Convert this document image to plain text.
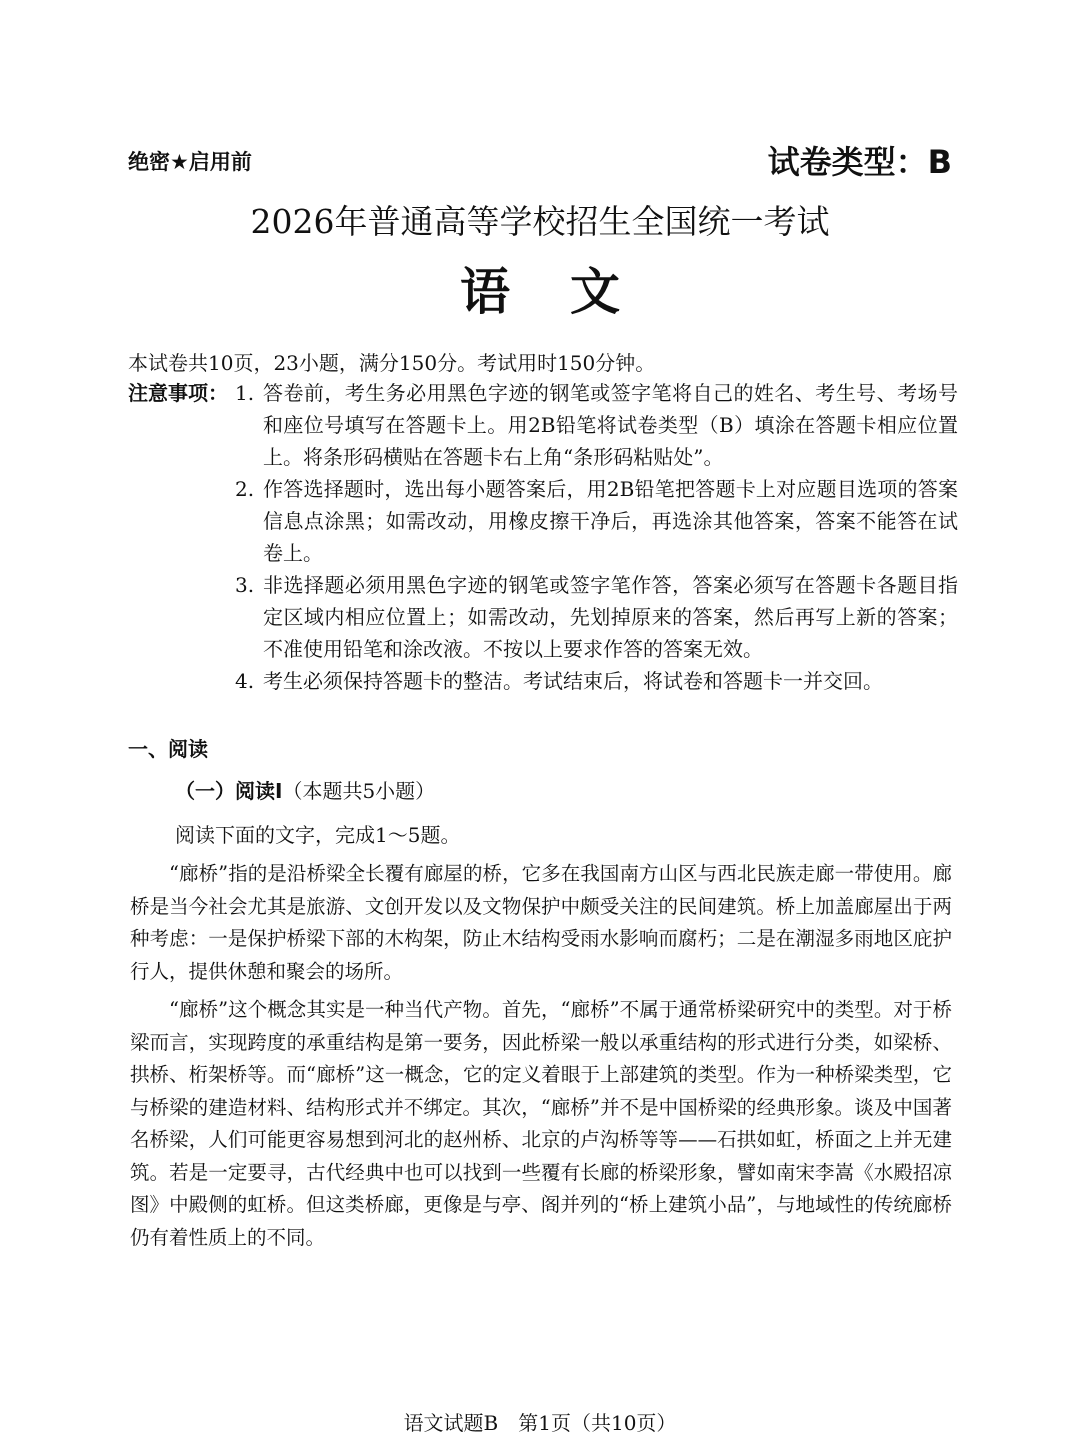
绝密★启用前	试卷类型：B
2026年普通高等学校招生全国统一考试
语文
本试卷共10页，23小题，满分150分。考试用时150分钟。
注意事项： 1. 答卷前，考生务必用黑色字迹的钢笔或签字笔将自己的姓名、考生号、考场号和座位号填写在答题卡上。用2B铅笔将试卷类型（B）填涂在答题卡相应位置上。将条形码横贴在答题卡右上角“条形码粘贴处”。
2. 作答选择题时，选出每小题答案后，用2B铅笔把答题卡上对应题目选项的答案信息点涂黑；如需改动，用橡皮擦干净后，再选涂其他答案，答案不能答在试卷上。
3. 非选择题必须用黑色字迹的钢笔或签字笔作答，答案必须写在答题卡各题目指定区域内相应位置上；如需改动，先划掉原来的答案，然后再写上新的答案；不准使用铅笔和涂改液。不按以上要求作答的答案无效。
4. 考生必须保持答题卡的整洁。考试结束后，将试卷和答题卡一并交回。
一、阅读
（一）阅读Ⅰ（本题共5小题）
阅读下面的文字，完成1～5题。

“廊桥”指的是沿桥梁全长覆有廊屋的桥，它多在我国南方山区与西北民族走廊一带使用。廊桥是当今社会尤其是旅游、文创开发以及文物保护中颇受关注的民间建筑。桥上加盖廊屋出于两种考虑：一是保护桥梁下部的木构架，防止木结构受雨水影响而腐朽；二是在潮湿多雨地区庇护行人，提供休憩和聚会的场所。

“廊桥”这个概念其实是一种当代产物。首先，“廊桥”不属于通常桥梁研究中的类型。对于桥梁而言，实现跨度的承重结构是第一要务，因此桥梁一般以承重结构的形式进行分类，如梁桥、拱桥、桁架桥等。而“廊桥”这一概念，它的定义着眼于上部建筑的类型。作为一种桥梁类型，它与桥梁的建造材料、结构形式并不绑定。其次，“廊桥”并不是中国桥梁的经典形象。谈及中国著名桥梁，人们可能更容易想到河北的赵州桥、北京的卢沟桥等等——石拱如虹，桥面之上并无建筑。若是一定要寻，古代经典中也可以找到一些覆有长廊的桥梁形象，譬如南宋李嵩《水殿招凉图》中殿侧的虹桥。但这类桥廊，更像是与亭、阁并列的“桥上建筑小品”，与地域性的传统廊桥仍有着性质上的不同。

语文试题B　第1页（共10页）
